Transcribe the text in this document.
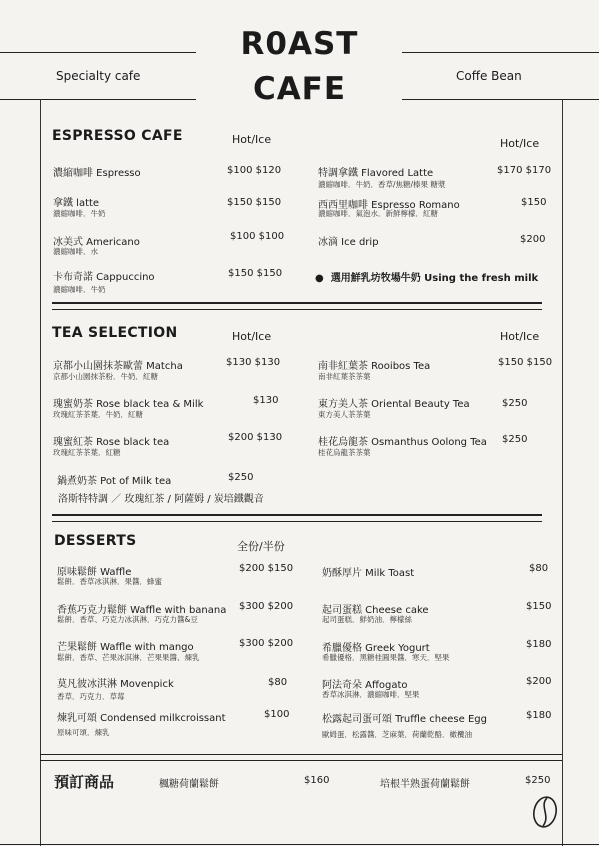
R0AST
CAFE
Specialty cafe	Coffe Bean
ESPRESSO CAFE	Hot/Ice	Hot/Ice
濃縮咖啡 Espresso	$100 $120
拿鐵 latte
濃縮咖啡．牛奶
$150 $150
冰美式 Americano
濃縮咖啡．水
$100 $100
卡布奇諾 Cappuccino
濃縮咖啡．牛奶
$150 $150
特調拿鐵 Flavored Latte
濃縮咖啡．牛奶．香草/焦糖/榛果 糖漿
$170 $170
西西里咖啡 Espresso Romano
濃縮咖啡．氣泡水．新鮮檸檬．紅糖
$150
冰滴 Ice drip	$200
● 選用鮮乳坊牧場牛奶 Using the fresh milk
TEA SELECTION	Hot/Ice	Hot/Ice
京都小山園抹茶歐蕾 Matcha
京都小山園抹茶粉．牛奶．紅糖
$130 $130
瑰蜜奶茶 Rose black tea & Milk
玫瑰紅茶茶葉．牛奶．紅糖
$130
瑰蜜紅茶 Rose black tea
玫瑰紅茶茶葉．紅糖
$200 $130
鍋煮奶茶 Pot of Milk tea
洛斯特特調 ／ 玫瑰紅茶 / 阿薩姆 / 炭培鐵觀音
$250
南非紅葉茶 Rooibos Tea
南非紅葉茶茶葉
$150 $150
東方美人茶 Oriental Beauty Tea
東方美人茶茶葉
$250
桂花烏龍茶 Osmanthus Oolong Tea
桂花烏龍茶茶葉
$250
DESSERTS	全份/半份
原味鬆餅 Waffle
鬆餅．香草冰淇淋．果醬．蜂蜜
$200 $150
香蕉巧克力鬆餅 Waffle with banana
鬆餅．香草、巧克力冰淇淋．巧克力醬&豆
$300 $200
芒果鬆餅 Waffle with mango
鬆餅．香草、芒果冰淇淋．芒果果醬、煉乳
$300 $200
莫凡彼冰淇淋 Movenpick
香草．巧克力．草莓
$80
煉乳可頌 Condensed milkcroissant
原味可頌．煉乳
$100
奶酥厚片 Milk Toast	$80
起司蛋糕 Cheese cake
起司蛋糕．鮮奶油．檸檬絲
$150
希臘優格 Greek Yogurt
希臘優格．黑糖桂圓果醬．寒天．堅果
$180
阿法奇朵 Affogato
香草冰淇淋．濃縮咖啡．堅果
$200
松露起司蛋可頌 Truffle cheese Egg
歐姆蛋．松露醬．芝麻葉．荷蘭乾酪．橄欖油
$180
預訂商品	楓糖荷蘭鬆餅	$160	培根半熟蛋荷蘭鬆餅	$250
